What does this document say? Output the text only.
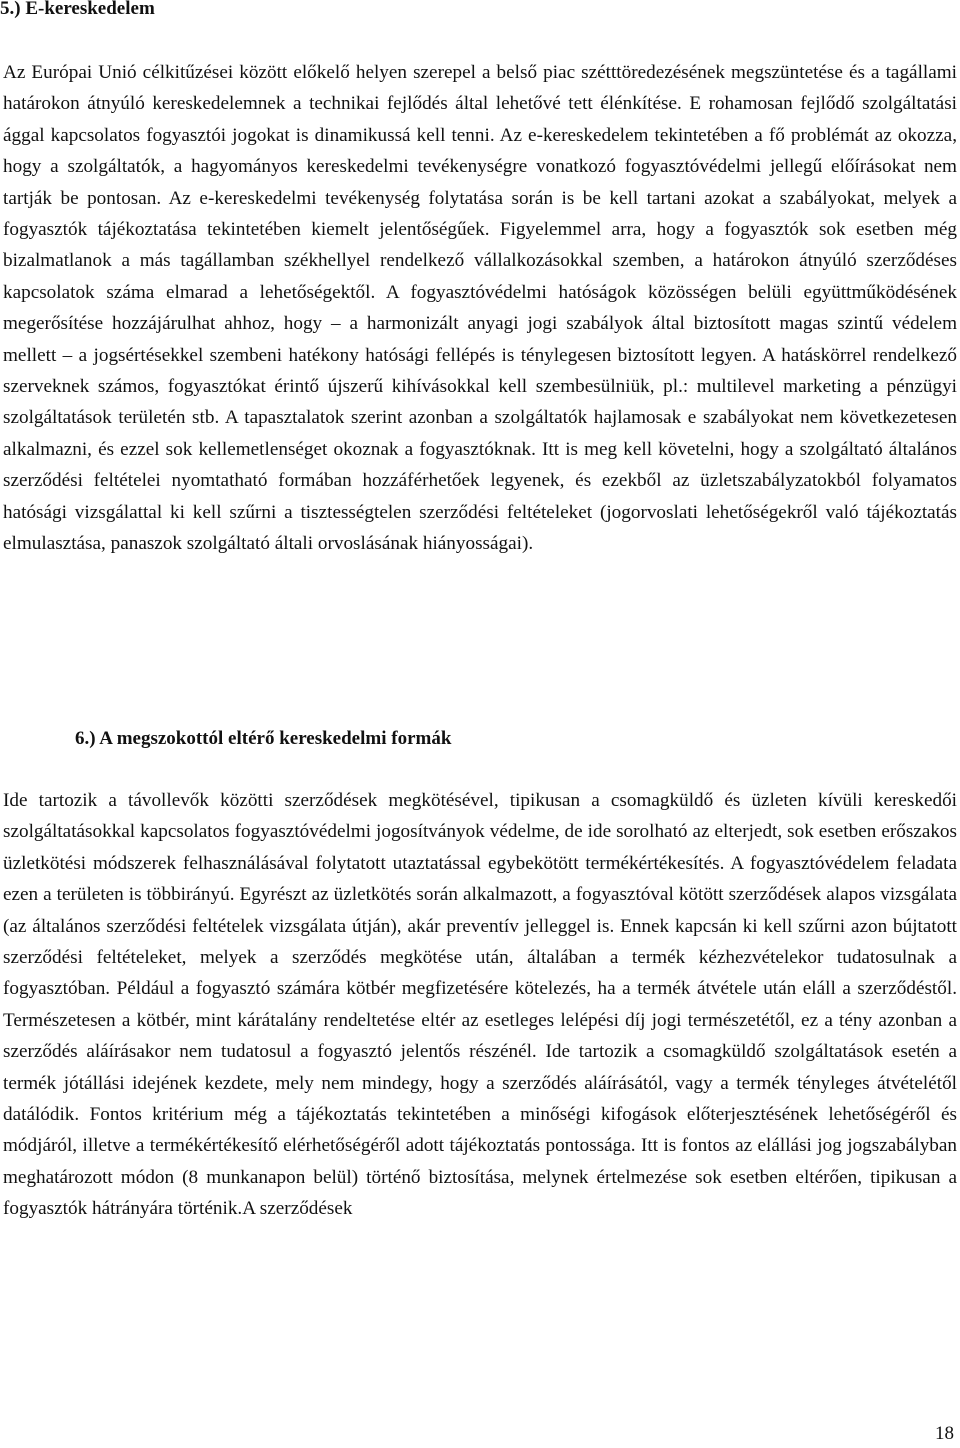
5.) E-kereskedelem

Az Európai Unió célkitűzései között előkelő helyen szerepel a belső piac szétttöredezésének megszüntetése és a tagállami határokon átnyúló kereskedelemnek a technikai fejlődés által lehetővé tett élénkítése. E rohamosan fejlődő szolgáltatási ággal kapcsolatos fogyasztói jogokat is dinamikussá kell tenni. Az e-kereskedelem tekintetében a fő problémát az okozza, hogy a szolgáltatók, a hagyományos kereskedelmi tevékenységre vonatkozó fogyasztóvédelmi jellegű előírásokat nem tartják be pontosan. Az e-kereskedelmi tevékenység folytatása során is be kell tartani azokat a szabályokat, melyek a fogyasztók tájékoztatása tekintetében kiemelt jelentőségűek. Figyelemmel arra, hogy a fogyasztók sok esetben még bizalmatlanok a más tagállamban székhellyel rendelkező vállalkozásokkal szemben, a határokon átnyúló szerződéses kapcsolatok száma elmarad a lehetőségektől. A fogyasztóvédelmi hatóságok közösségen belüli együttműködésének megerősítése hozzájárulhat ahhoz, hogy – a harmonizált anyagi jogi szabályok által biztosított magas szintű védelem mellett – a jogsértésekkel szembeni hatékony hatósági fellépés is ténylegesen biztosított legyen. A hatáskörrel rendelkező szerveknek számos, fogyasztókat érintő újszerű kihívásokkal kell szembesülniük, pl.: multilevel marketing a pénzügyi szolgáltatások területén stb. A tapasztalatok szerint azonban a szolgáltatók hajlamosak e szabályokat nem következetesen alkalmazni, és ezzel sok kellemetlenséget okoznak a fogyasztóknak. Itt is meg kell követelni, hogy a szolgáltató általános szerződési feltételei nyomtatható formában hozzáférhetőek legyenek, és ezekből az üzletszabályzatokból folyamatos hatósági vizsgálattal ki kell szűrni a tisztességtelen szerződési feltételeket (jogorvoslati lehetőségekről való tájékoztatás elmulasztása, panaszok szolgáltató általi orvoslásának hiányosságai).

6.) A megszokottól eltérő kereskedelmi formák

Ide tartozik a távollevők közötti szerződések megkötésével, tipikusan a csomagküldő és üzleten kívüli kereskedői szolgáltatásokkal kapcsolatos fogyasztóvédelmi jogosítványok védelme, de ide sorolható az elterjedt, sok esetben erőszakos üzletkötési módszerek felhasználásával folytatott utaztatással egybekötött termékértékesítés. A fogyasztóvédelem feladata ezen a területen is többirányú. Egyrészt az üzletkötés során alkalmazott, a fogyasztóval kötött szerződések alapos vizsgálata (az általános szerződési feltételek vizsgálata útján), akár preventív jelleggel is. Ennek kapcsán ki kell szűrni azon bújtatott szerződési feltételeket, melyek a szerződés megkötése után, általában a termék kézhezvételekor tudatosulnak a fogyasztóban. Például a fogyasztó számára kötbér megfizetésére kötelezés, ha a termék átvétele után eláll a szerződéstől. Természetesen a kötbér, mint kárátalány rendeltetése eltér az esetleges lelépési díj jogi természetétől, ez a tény azonban a szerződés aláírásakor nem tudatosul a fogyasztó jelentős részénél. Ide tartozik a csomagküldő szolgáltatások esetén a termék jótállási idejének kezdete, mely nem mindegy, hogy a szerződés aláírásától, vagy a termék tényleges átvételétől datálódik. Fontos kritérium még a tájékoztatás tekintetében a minőségi kifogások előterjesztésének lehetőségéről és módjáról, illetve a termékértékesítő elérhetőségéről adott tájékoztatás pontossága. Itt is fontos az elállási jog jogszabályban meghatározott módon (8 munkanapon belül) történő biztosítása, melynek értelmezése sok esetben eltérően, tipikusan a fogyasztók hátrányára történik.A szerződések

18
